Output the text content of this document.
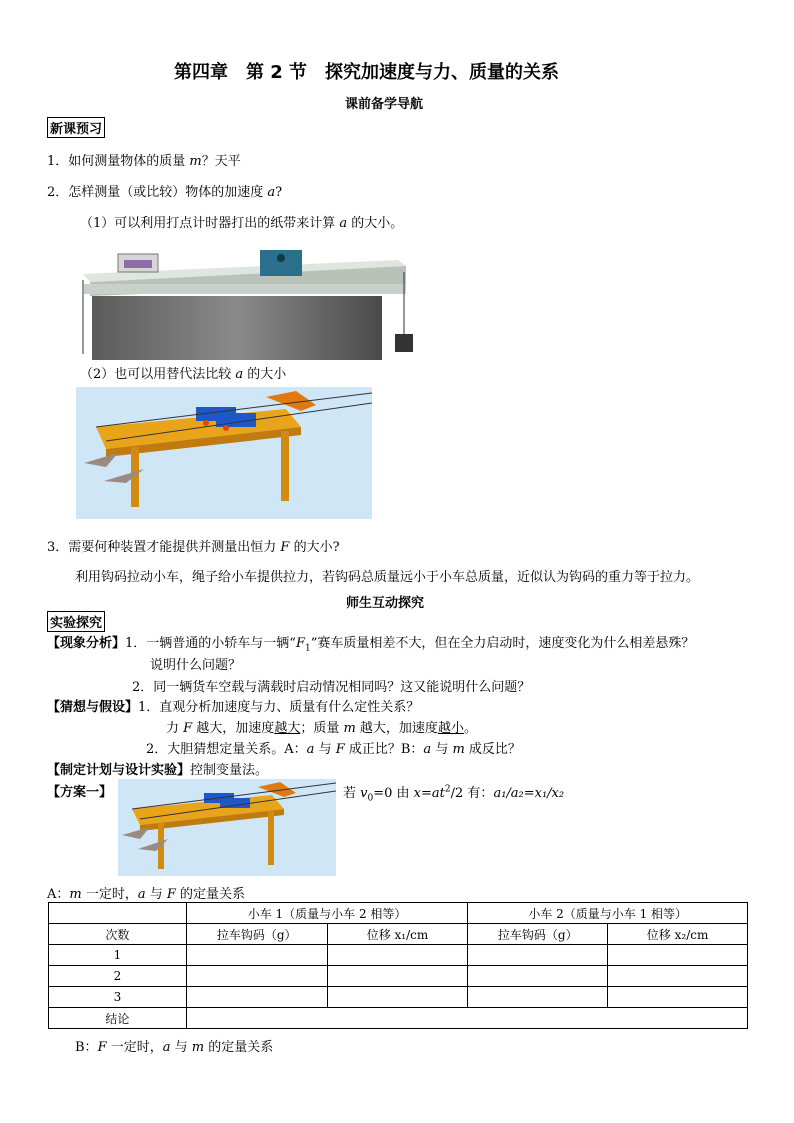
第四章　第 2 节　探究加速度与力、质量的关系
课前备学导航
新课预习
1．如何测量物体的质量 m？天平
2．怎样测量（或比较）物体的加速度 a?
（1）可以利用打点计时器打出的纸带来计算 a 的大小。
（2）也可以用替代法比较 a 的大小
3．需要何种装置才能提供并测量出恒力 F 的大小?
利用钩码拉动小车，绳子给小车提供拉力，若钩码总质量远小于小车总质量，近似认为钩码的重力等于拉力。
师生互动探究
实验探究
【现象分析】1．一辆普通的小轿车与一辆“$F_1$”赛车质量相差不大，但在全力启动时，速度变化为什么相差悬殊？
说明什么问题？
2．同一辆货车空载与满载时启动情况相同吗？这又能说明什么问题？
【猜想与假设】1．直观分析加速度与力、质量有什么定性关系？
力 F 越大，加速度越大；质量 m 越大，加速度越小。
2．大胆猜想定量关系。A：a 与 F 成正比？B：a 与 m 成反比？
【制定计划与设计实验】控制变量法。
【方案一】	若 $v_0=0$ 由 $x=at^2/2$ 有：a₁/a₂=x₁/x₂
A：m 一定时，a 与 F 的定量关系
	小车 1（质量与小车 2 相等）		小车 2（质量与小车 1 相等）	
次数	拉车钩码（g）	位移 x₁/cm	拉车钩码（g）	位移 x₂/cm
1				
2				
3				
结论				
B：F 一定时，a 与 m 的定量关系
